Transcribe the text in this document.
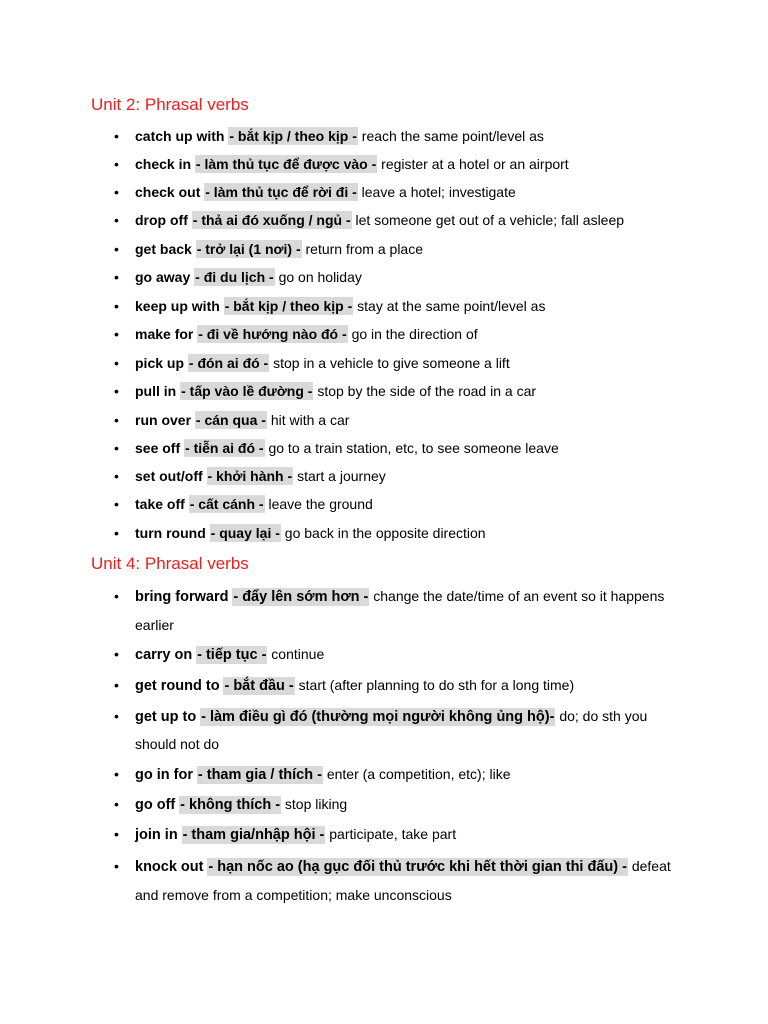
Unit 2: Phrasal verbs
• catch up with - bắt kịp / theo kịp - reach the same point/level as
• check in - làm thủ tục để được vào - register at a hotel or an airport
• check out - làm thủ tục để rời đi - leave a hotel; investigate
• drop off - thả ai đó xuống / ngủ - let someone get out of a vehicle; fall asleep
• get back - trở lại (1 nơi) - return from a place
• go away - đi du lịch - go on holiday
• keep up with - bắt kịp / theo kịp - stay at the same point/level as
• make for - đi về hướng nào đó - go in the direction of
• pick up - đón ai đó - stop in a vehicle to give someone a lift
• pull in - tấp vào lề đường - stop by the side of the road in a car
• run over - cán qua - hit with a car
• see off - tiễn ai đó - go to a train station, etc, to see someone leave
• set out/off - khởi hành - start a journey
• take off - cất cánh - leave the ground
• turn round - quay lại - go back in the opposite direction
Unit 4: Phrasal verbs
• bring forward - đẩy lên sớm hơn - change the date/time of an event so it happens
earlier
• carry on - tiếp tục - continue
• get round to - bắt đầu - start (after planning to do sth for a long time)
• get up to - làm điều gì đó (thường mọi người không ủng hộ)- do; do sth you
should not do
• go in for - tham gia / thích - enter (a competition, etc); like
• go off - không thích - stop liking
• join in - tham gia/nhập hội - participate, take part
• knock out - hạn nốc ao (hạ gục đối thủ trước khi hết thời gian thi đấu) - defeat
and remove from a competition; make unconscious
